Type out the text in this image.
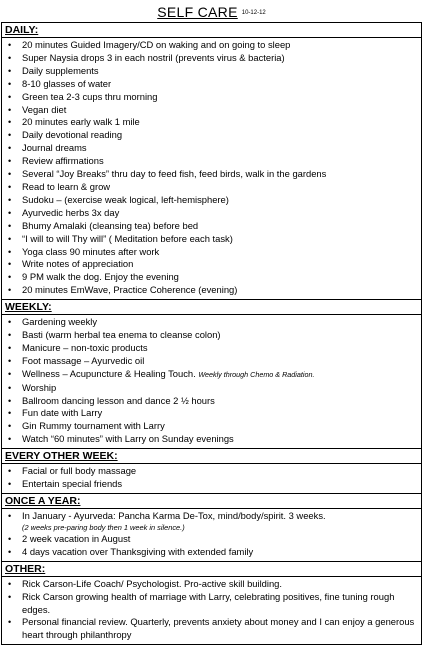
SELF CARE 10-12-12
DAILY:

• 20 minutes Guided Imagery/CD on waking and on going to sleep
• Super Naysia drops 3 in each nostril (prevents virus & bacteria)
• Daily supplements
• 8-10 glasses of water
• Green tea 2-3 cups thru morning
• Vegan diet
• 20 minutes early walk 1 mile
• Daily devotional reading
• Journal dreams
• Review affirmations
• Several “Joy Breaks” thru day to feed fish, feed birds, walk in the gardens
• Read to learn & grow
• Sudoku – (exercise weak logical, left-hemisphere)
• Ayurvedic herbs 3x day
• Bhumy Amalaki (cleansing tea) before bed
• “I will to will Thy will” ( Meditation before each task)
• Yoga class 90 minutes after work
• Write notes of appreciation
• 9 PM walk the dog. Enjoy the evening
• 20 minutes EmWave, Practice Coherence (evening)

WEEKLY:

• Gardening weekly
• Basti (warm herbal tea enema to cleanse colon)
• Manicure – non-toxic products
• Foot massage – Ayurvedic oil
• Wellness – Acupuncture & Healing Touch. Weekly through Chemo & Radiation.
• Worship
• Ballroom dancing lesson and dance 2 ½ hours
• Fun date with Larry
• Gin Rummy tournament with Larry
• Watch “60 minutes” with Larry on Sunday evenings

EVERY OTHER WEEK:

• Facial or full body massage
• Entertain special friends

ONCE A YEAR:

• In January - Ayurveda: Pancha Karma De-Tox, mind/body/spirit. 3 weeks.
(2 weeks pre-paring body then 1 week in silence.)
• 2 week vacation in August
• 4 days vacation over Thanksgiving with extended family

OTHER:

• Rick Carson-Life Coach/ Psychologist. Pro-active skill building.
• Rick Carson growing health of marriage with Larry, celebrating positives, fine tuning rough edges.
• Personal financial review. Quarterly, prevents anxiety about money and I can enjoy a generous heart through philanthropy
